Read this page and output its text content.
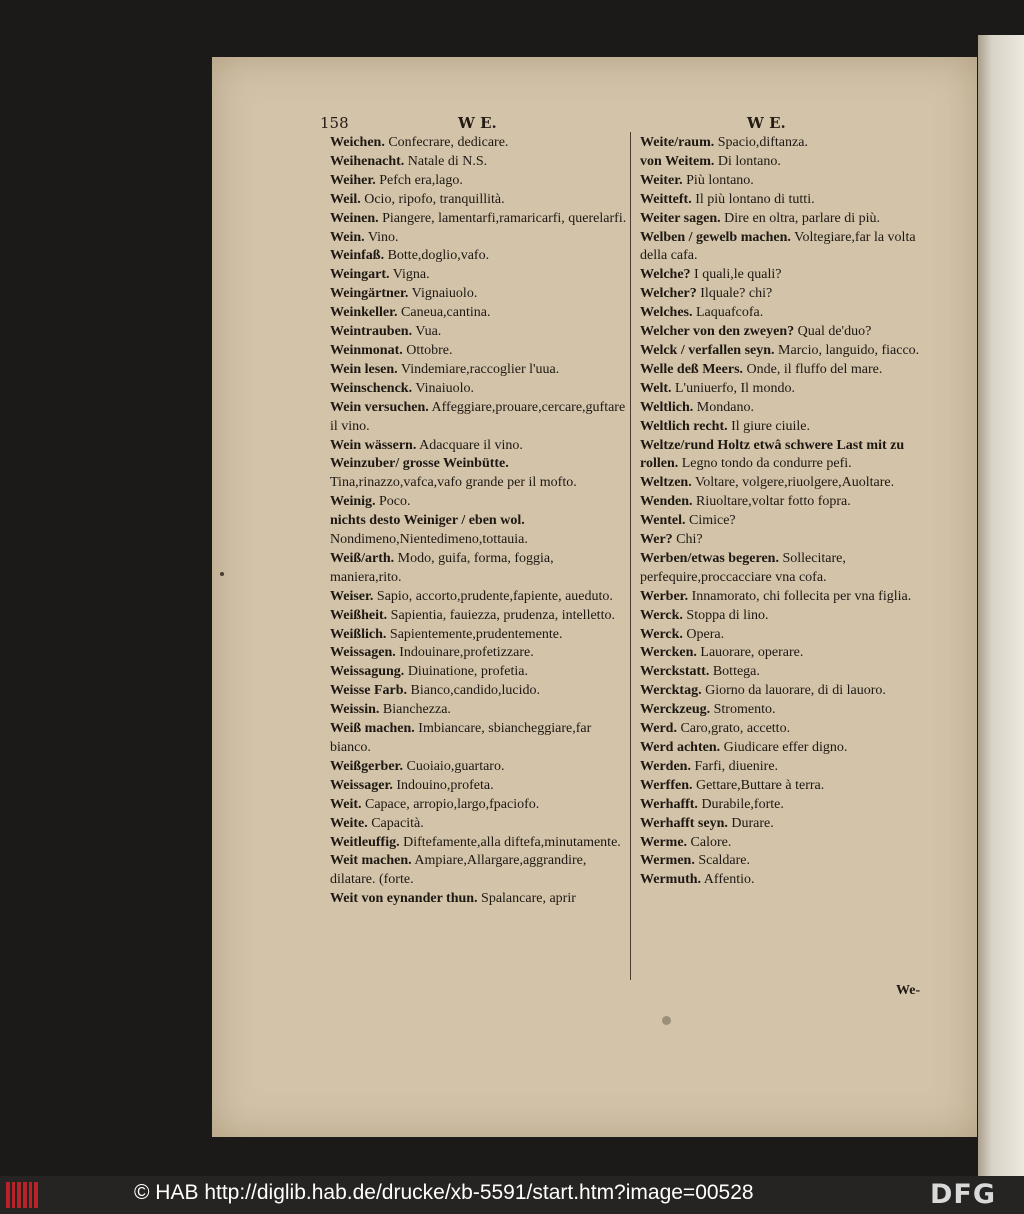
158	W E.	W E.

Weichen. Confecrare, dedicare.

Weihenacht. Natale di N.S.

Weiher. Pefch era,lago.

Weil. Ocio, ripofo, tranquillità.

Weinen. Piangere, lamentarfi,ramaricarfi, querelarfi.

Wein. Vino.

Weinfaß. Botte,doglio,vafo.

Weingart. Vigna.

Weingärtner. Vignaiuolo.

Weinkeller. Caneua,cantina.

Weintrauben. Vua.

Weinmonat. Ottobre.

Wein lesen. Vindemiare,raccoglier l'uua.

Weinschenck. Vinaiuolo.

Wein versuchen. Affeggiare,prouare,cercare,guftare il vino.

Wein wässern. Adacquare il vino.

Weinzuber/ grosse Weinbütte. Tina,rinazzo,vafca,vafo grande per il mofto.

Weinig. Poco.

nichts desto Weiniger / eben wol. Nondimeno,Nientedimeno,tottauia.

Weiß/arth. Modo, guifa, forma, foggia, maniera,rito.

Weiser. Sapio, accorto,prudente,fapiente, aueduto.

Weißheit. Sapientia, fauiezza, prudenza, intelletto.

Weißlich. Sapientemente,prudentemente.

Weissagen. Indouinare,profetizzare.

Weissagung. Diuinatione, profetia.

Weisse Farb. Bianco,candido,lucido.

Weissin. Bianchezza.

Weiß machen. Imbiancare, sbiancheggiare,far bianco.

Weißgerber. Cuoiaio,guartaro.

Weissager. Indouino,profeta.

Weit. Capace, arropio,largo,fpaciofo.

Weite. Capacità.

Weitleuffig. Diftefamente,alla diftefa,minutamente.

Weit machen. Ampiare,Allargare,aggrandire, dilatare. (forte.

Weit von eynander thun. Spalancare, aprir

Weite/raum. Spacio,diftanza.

von Weitem. Di lontano.

Weiter. Più lontano.

Weitteft. Il più lontano di tutti.

Weiter sagen. Dire en oltra, parlare di più.

Welben / gewelb machen. Voltegiare,far la volta della cafa.

Welche? I quali,le quali?

Welcher? Ilquale? chi?

Welches. Laquafcofa.

Welcher von den zweyen? Qual de'duo?

Welck / verfallen seyn. Marcio, languido, fiacco.

Welle deß Meers. Onde, il fluffo del mare.

Welt. L'uniuerfo, Il mondo.

Weltlich. Mondano.

Weltlich recht. Il giure ciuile.

Weltze/rund Holtz etwâ schwere Last mit zu rollen. Legno tondo da condurre pefi.

Weltzen. Voltare, volgere,riuolgere,Auoltare.

Wenden. Riuoltare,voltar fotto fopra.

Wentel. Cimice?

Wer? Chi?

Werben/etwas begeren. Sollecitare, perfequire,proccacciare vna cofa.

Werber. Innamorato, chi follecita per vna figlia.

Werck. Stoppa di lino.

Werck. Opera.

Wercken. Lauorare, operare.

Werckstatt. Bottega.

Wercktag. Giorno da lauorare, di di lauoro.

Werckzeug. Stromento.

Werd. Caro,grato, accetto.

Werd achten. Giudicare effer digno.

Werden. Farfi, diuenire.

Werffen. Gettare,Buttare à terra.

Werhafft. Durabile,forte.

Werhafft seyn. Durare.

Werme. Calore.

Wermen. Scaldare.

Wermuth. Affentio.

We-
© HAB http://diglib.hab.de/drucke/xb-5591/start.htm?image=00528	DFG
